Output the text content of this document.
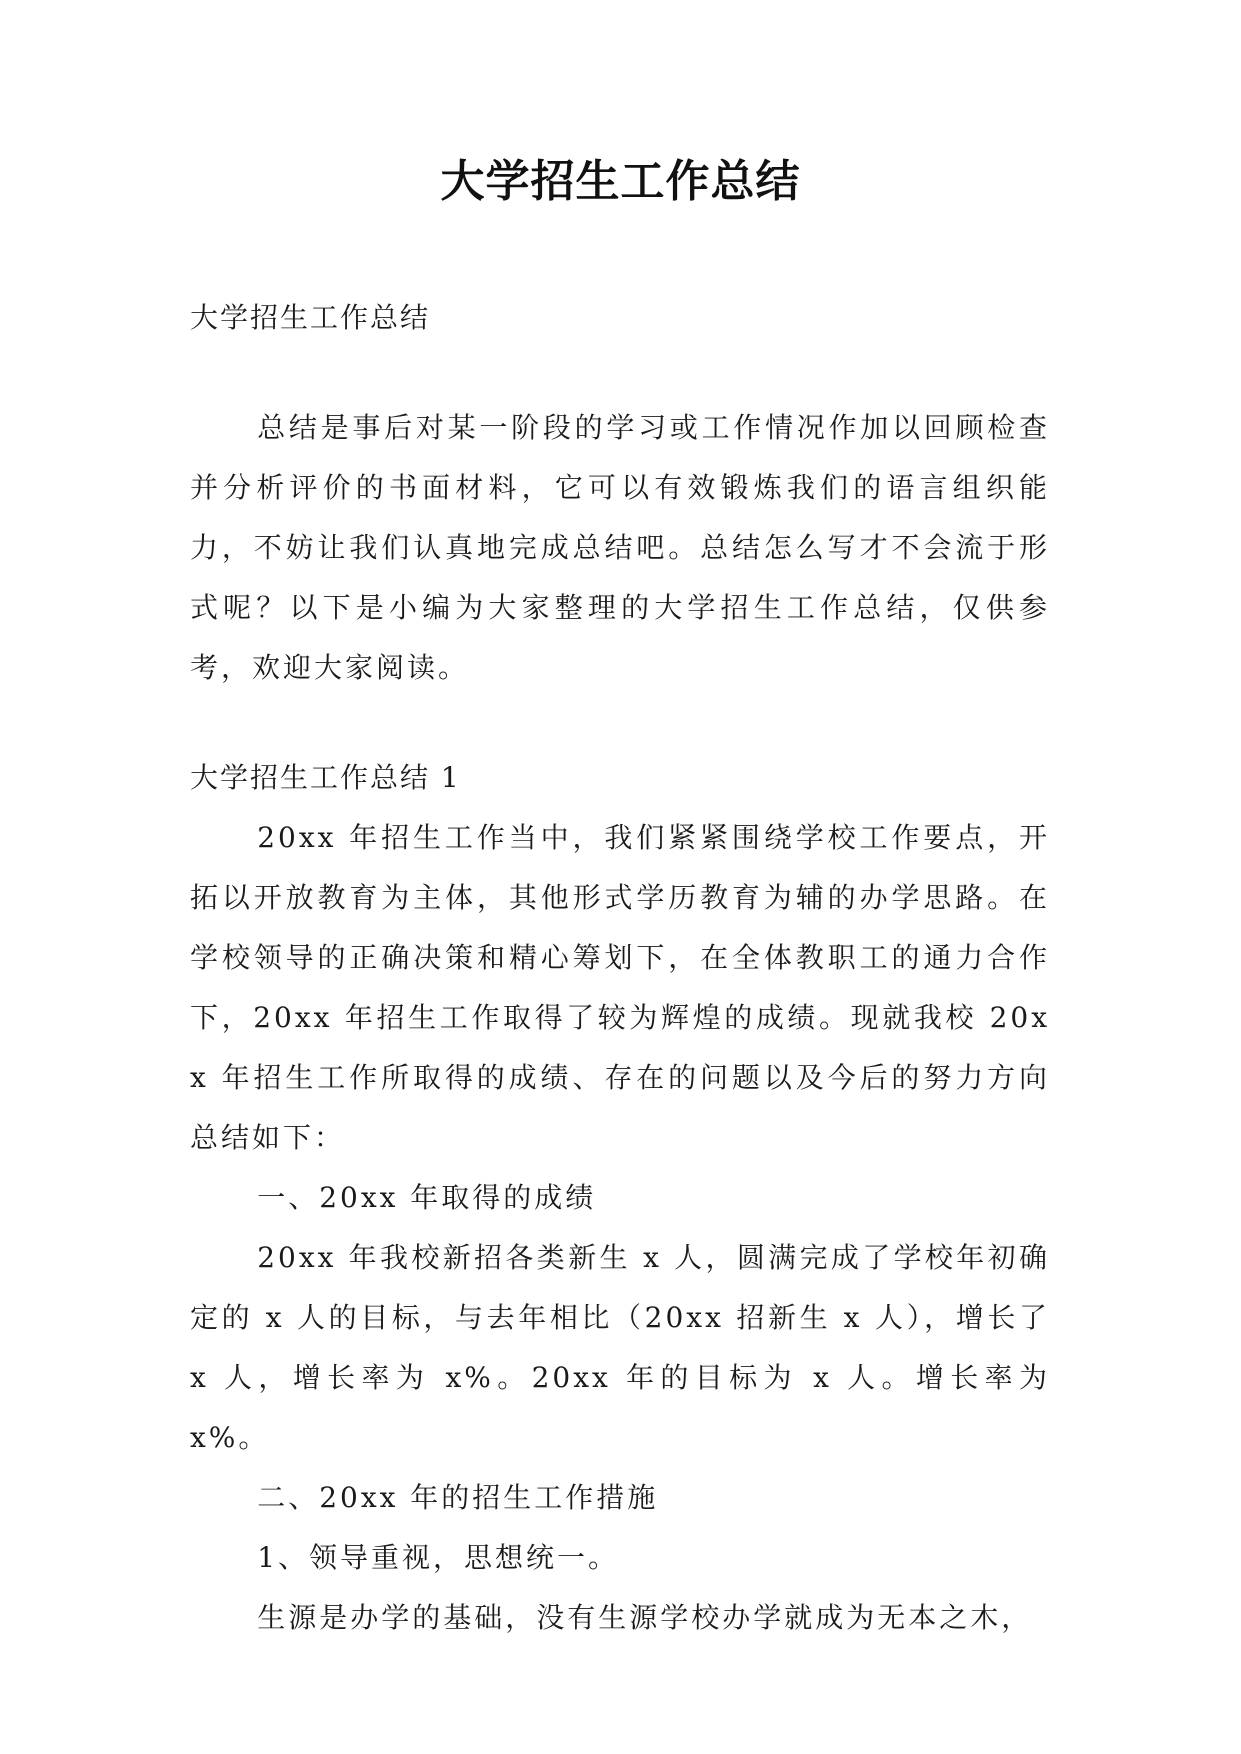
大学招生工作总结

大学招生工作总结

总结是事后对某一阶段的学习或工作情况作加以回顾检查并分析评价的书面材料，它可以有效锻炼我们的语言组织能力，不妨让我们认真地完成总结吧。总结怎么写才不会流于形式呢？以下是小编为大家整理的大学招生工作总结，仅供参考，欢迎大家阅读。

大学招生工作总结 1

20xx 年招生工作当中，我们紧紧围绕学校工作要点，开拓以开放教育为主体，其他形式学历教育为辅的办学思路。在学校领导的正确决策和精心筹划下，在全体教职工的通力合作下，20xx 年招生工作取得了较为辉煌的成绩。现就我校 20xx 年招生工作所取得的成绩、存在的问题以及今后的努力方向总结如下：

一、20xx 年取得的成绩

20xx 年我校新招各类新生 x 人，圆满完成了学校年初确定的 x 人的目标，与去年相比（20xx 招新生 x 人），增长了 x 人，增长率为 x%。20xx 年的目标为 x 人。增长率为 x%。

二、20xx 年的招生工作措施

1、领导重视，思想统一。

生源是办学的基础，没有生源学校办学就成为无本之木，
